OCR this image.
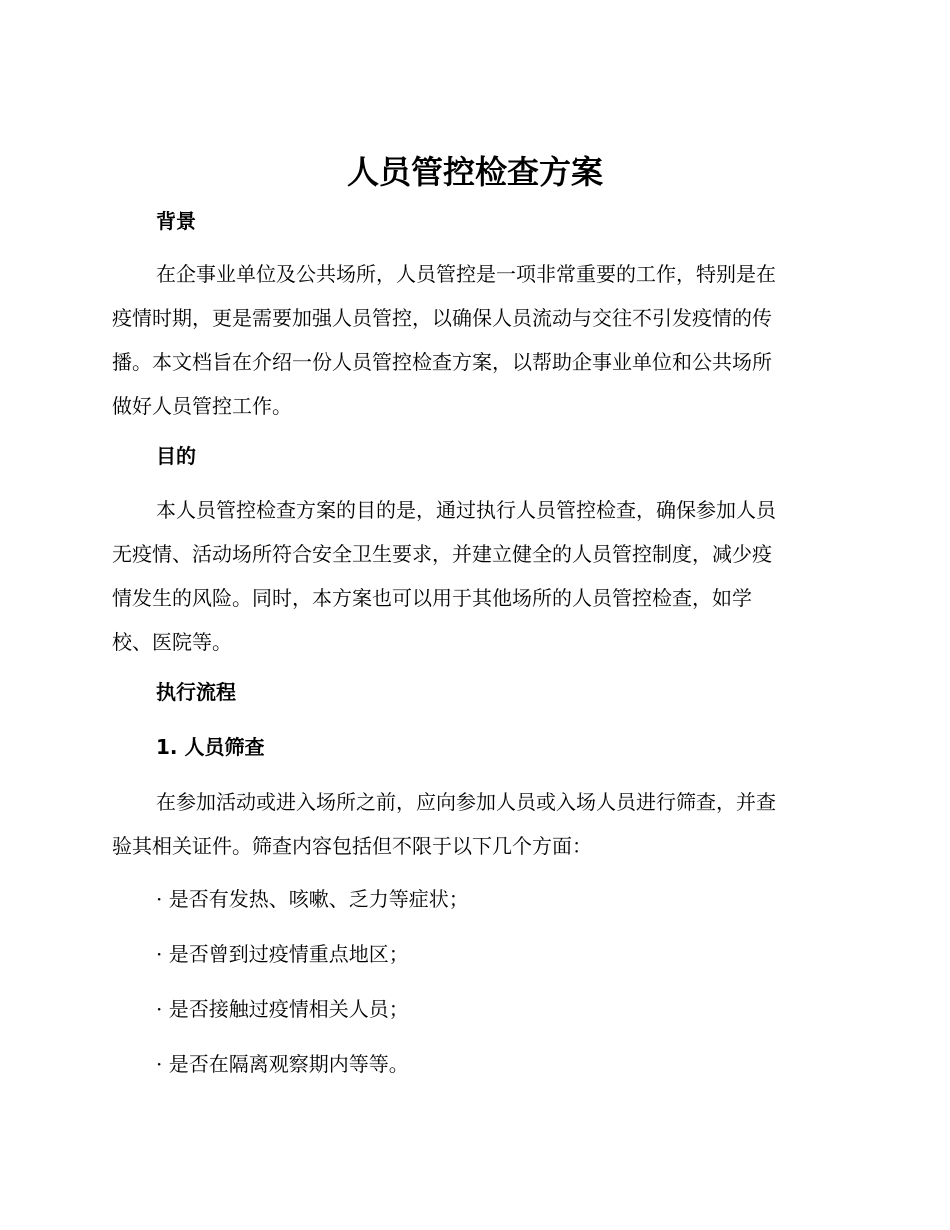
人员管控检查方案
背景
在企事业单位及公共场所，人员管控是一项非常重要的工作，特别是在
疫情时期，更是需要加强人员管控，以确保人员流动与交往不引发疫情的传
播。本文档旨在介绍一份人员管控检查方案，以帮助企事业单位和公共场所
做好人员管控工作。
目的
本人员管控检查方案的目的是，通过执行人员管控检查，确保参加人员
无疫情、活动场所符合安全卫生要求，并建立健全的人员管控制度，减少疫
情发生的风险。同时，本方案也可以用于其他场所的人员管控检查，如学
校、医院等。
执行流程
1. 人员筛查
在参加活动或进入场所之前，应向参加人员或入场人员进行筛查，并查
验其相关证件。筛查内容包括但不限于以下几个方面：

· 是否有发热、咳嗽、乏力等症状；

· 是否曾到过疫情重点地区；

· 是否接触过疫情相关人员；

· 是否在隔离观察期内等等。
